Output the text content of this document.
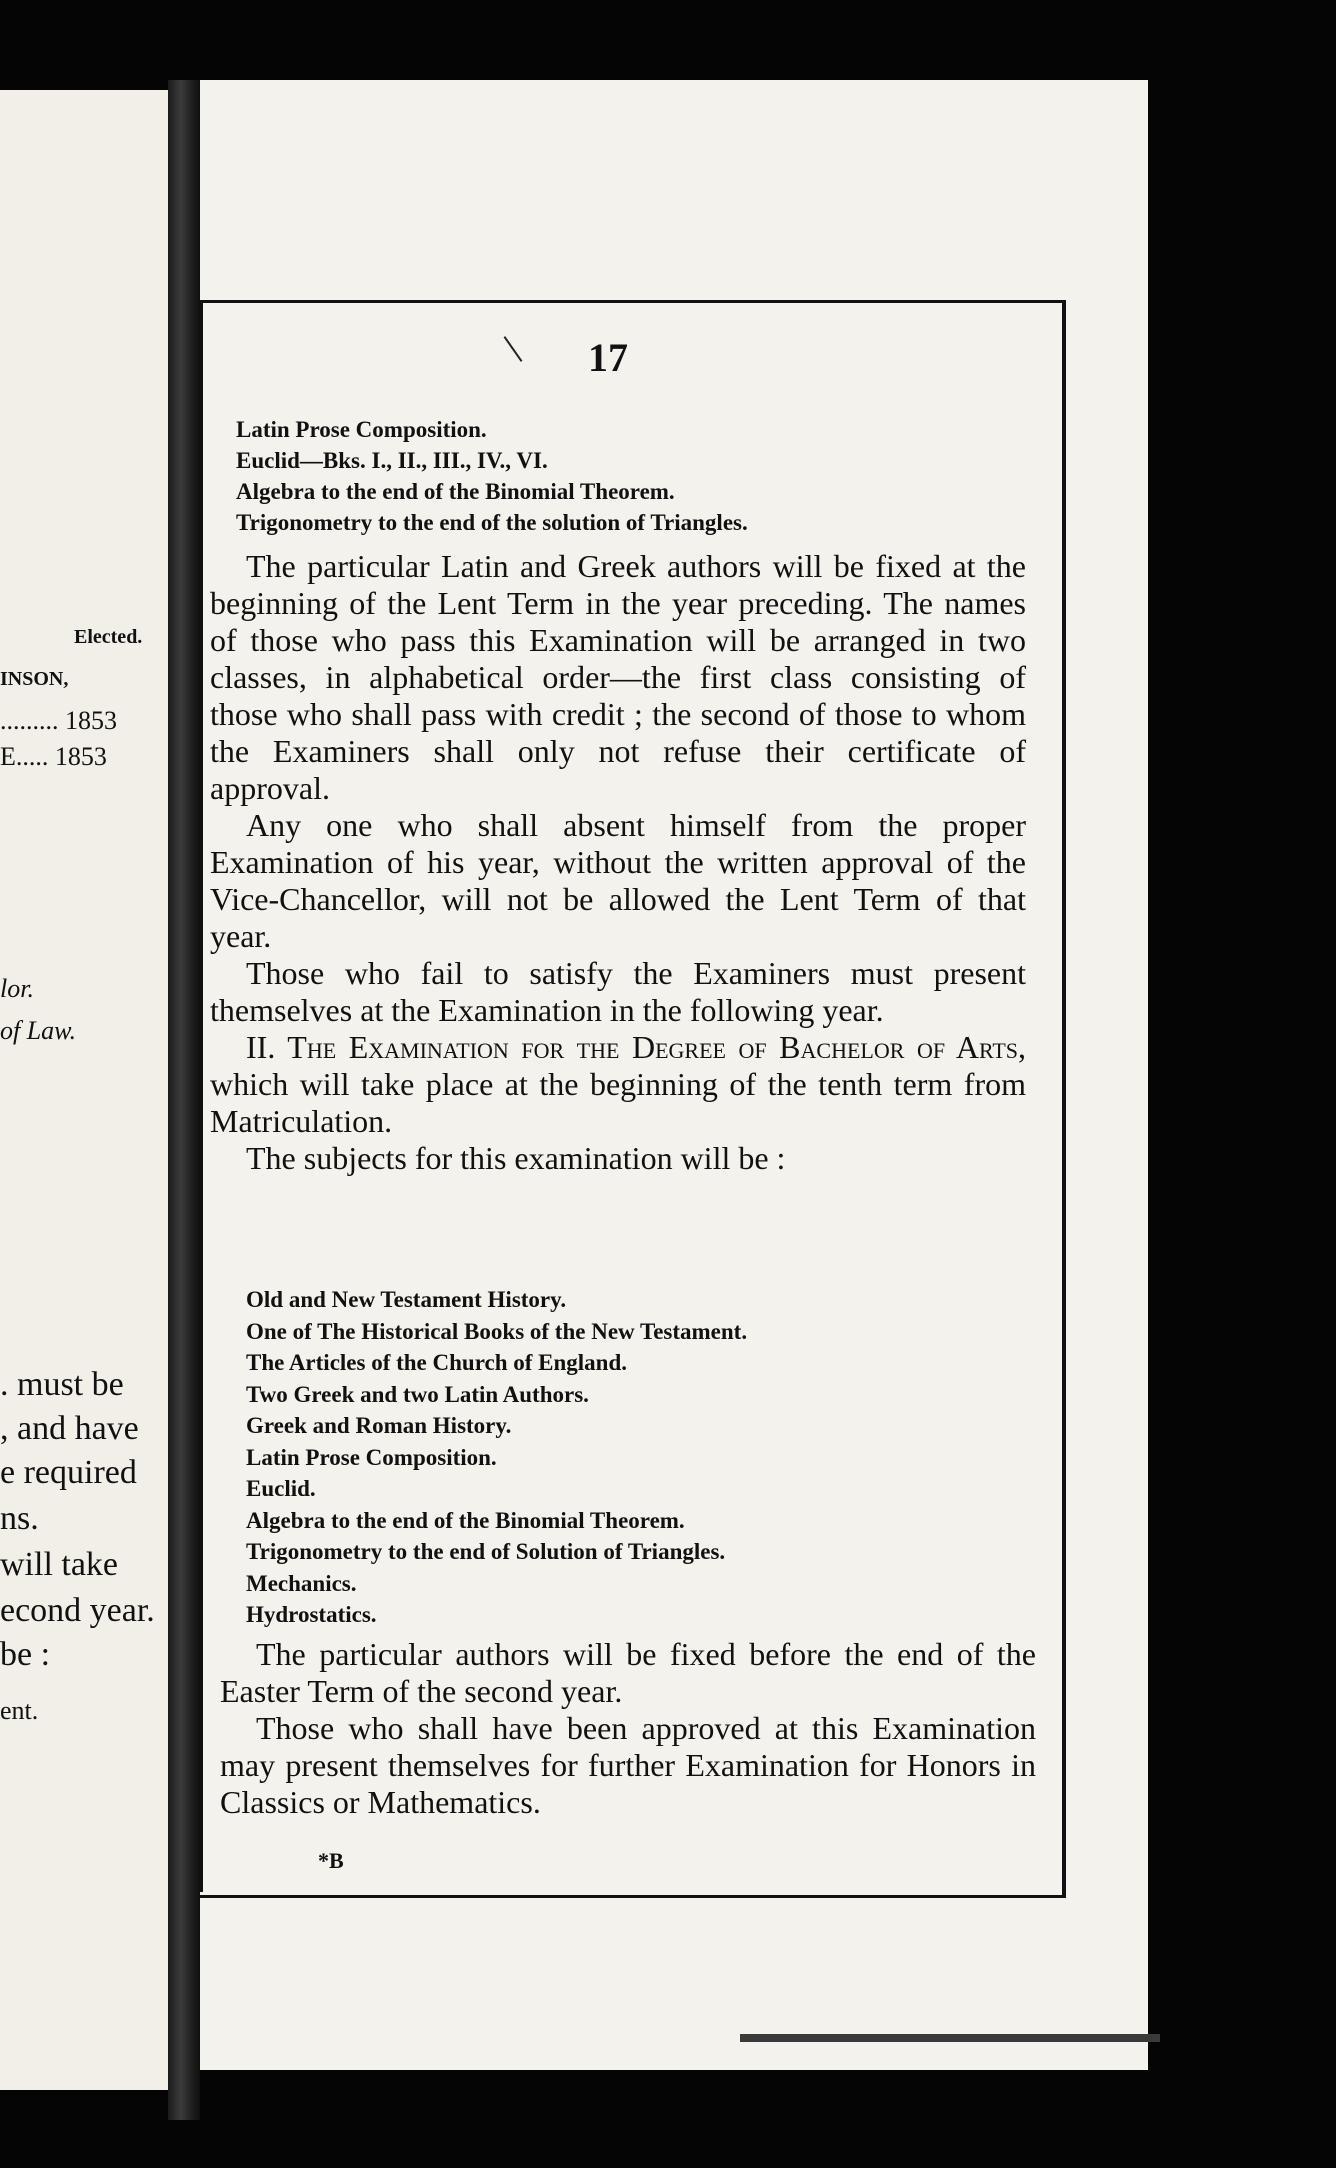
Elected.
INSON,
......... 1853
E..... 1853
lor.
of Law.
. must be
, and have
e required
ns.
will take
econd year.
be :
ent.
17
Latin Prose Composition.
Euclid—Bks. I., II., III., IV., VI.
Algebra to the end of the Binomial Theorem.
Trigonometry to the end of the solution of Triangles.

The particular Latin and Greek authors will be fixed at the beginning of the Lent Term in the year preceding. The names of those who pass this Examination will be arranged in two classes, in alphabetical order—the first class consisting of those who shall pass with credit ; the second of those to whom the Examiners shall only not refuse their certificate of approval.

Any one who shall absent himself from the proper Examination of his year, without the written approval of the Vice-Chancellor, will not be allowed the Lent Term of that year.

Those who fail to satisfy the Examiners must present themselves at the Examination in the following year.

II. The Examination for the Degree of Bachelor of Arts, which will take place at the beginning of the tenth term from Matriculation.

The subjects for this examination will be :

Old and New Testament History.
One of The Historical Books of the New Testament.
The Articles of the Church of England.
Two Greek and two Latin Authors.
Greek and Roman History.
Latin Prose Composition.
Euclid.
Algebra to the end of the Binomial Theorem.
Trigonometry to the end of Solution of Triangles.
Mechanics.
Hydrostatics.

The particular authors will be fixed before the end of the Easter Term of the second year.

Those who shall have been approved at this Examination may present themselves for further Examination for Honors in Classics or Mathematics.

*B
